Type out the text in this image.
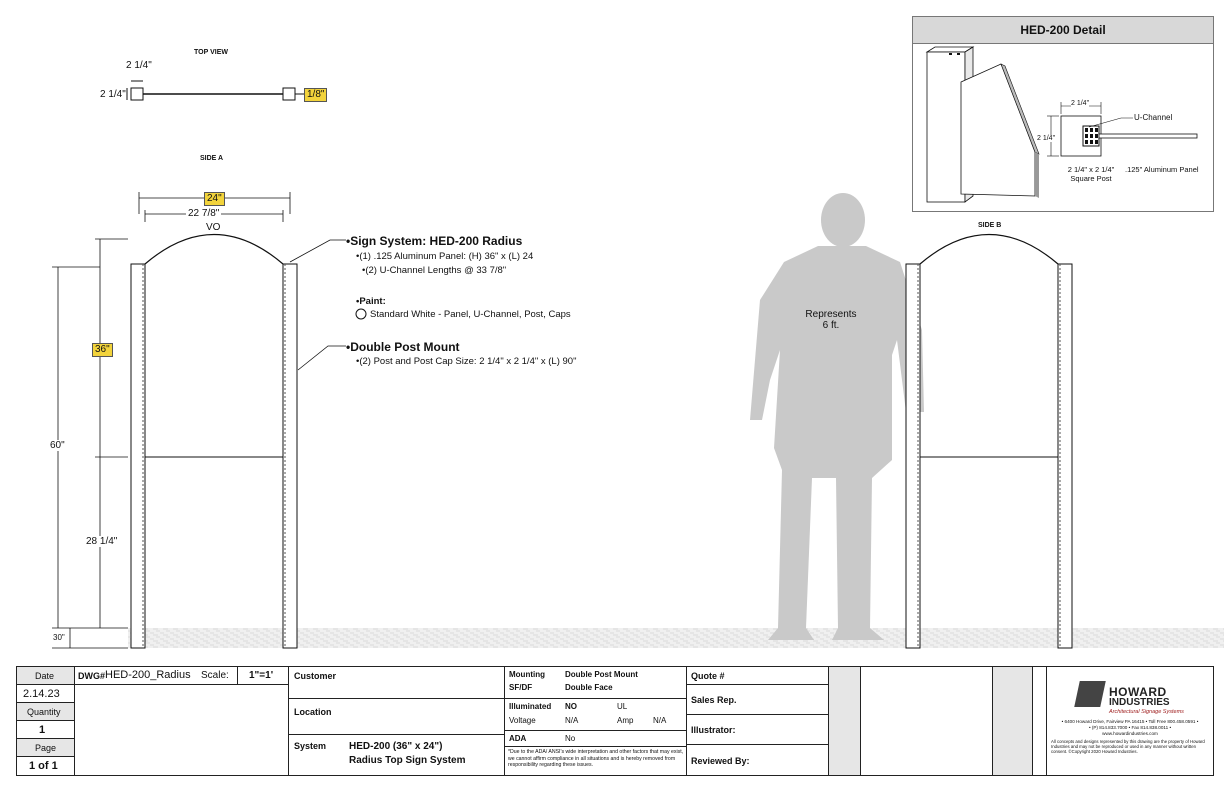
TOP VIEW
2 1/4"
2 1/4"	1/8"
SIDE A
24"
22 7/8"
VO
36"
60"
28 1/4"
30"
•Sign System: HED-200 Radius
•(1) .125 Aluminum Panel: (H) 36" x (L) 24
•(2) U-Channel Lengths @ 33 7/8"
•Paint:
Standard White - Panel, U-Channel, Post, Caps
•Double Post Mount
•(2) Post and Post Cap Size: 2 1/4" x 2 1/4" x (L) 90"
Represents
6 ft.
SIDE B
HED-200 Detail
2 1/4"
2 1/4"
U-Channel
2 1/4" x 2 1/4"
Square Post
.125" Aluminum Panel
Date
2.14.23
Quantity
1
Page
1 of 1
DWG# HED-200_Radius Scale: 1"=1' Customer
Location
System HED-200 (36" x 24")
Radius Top Sign System
Mounting	Double Post Mount
SF/DF	Double Face
Illuminated NO	UL
Voltage	N/A	Amp N/A
ADA	No
*Due to the ADA/ ANSI's wide interpretation and other factors that may exist, we cannot affirm compliance in all situations and is hereby removed from responsibility regarding these issues.
Quote #
Sales Rep.
Illustrator:
Reviewed By:
HOWARD
INDUSTRIES
Architectural Signage Systems
• 6400 Howard Drive, Fairview PA 16415 • Toll Free 800.458.0591 •
• (P) 814.833.7000 • Fax 814.838.0011 •
www.howardindustries.com
All concepts and designs represented by this drawing are the property of Howard Industries and may not be reproduced or used in any manner without written consent. ©Copyright 2020 Howard Industries.
